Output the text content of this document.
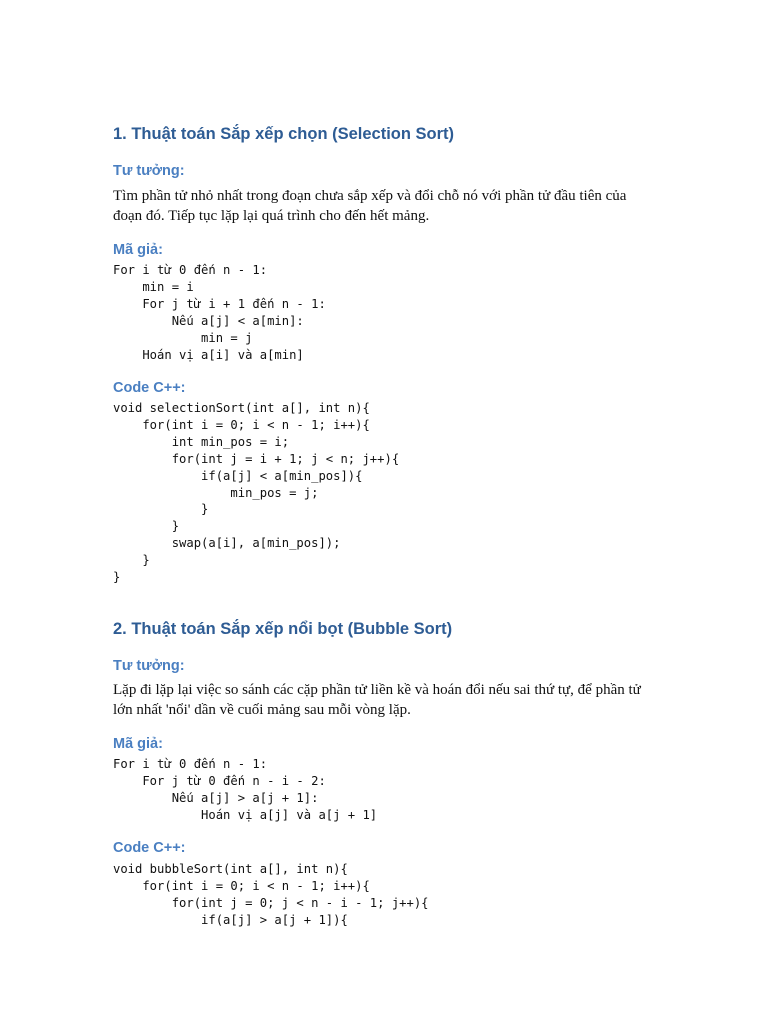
1. Thuật toán Sắp xếp chọn (Selection Sort)
Tư tưởng:

Tìm phần tử nhỏ nhất trong đoạn chưa sắp xếp và đổi chỗ nó với phần tử đầu tiên của đoạn đó. Tiếp tục lặp lại quá trình cho đến hết mảng.

Mã giả:
For i từ 0 đến n - 1:
min = i
For j từ i + 1 đến n - 1:
Nếu a[j] < a[min]:
min = j
Hoán vị a[i] và a[min]
Code C++:
void selectionSort(int a[], int n){
for(int i = 0; i < n - 1; i++){
int min_pos = i;
for(int j = i + 1; j < n; j++){
if(a[j] < a[min_pos]){
min_pos = j;
}
}
swap(a[i], a[min_pos]);
}
}
2. Thuật toán Sắp xếp nổi bọt (Bubble Sort)
Tư tưởng:

Lặp đi lặp lại việc so sánh các cặp phần tử liền kề và hoán đổi nếu sai thứ tự, để phần tử lớn nhất 'nổi' dần về cuối mảng sau mỗi vòng lặp.

Mã giả:
For i từ 0 đến n - 1:
For j từ 0 đến n - i - 2:
Nếu a[j] > a[j + 1]:
Hoán vị a[j] và a[j + 1]
Code C++:
void bubbleSort(int a[], int n){
for(int i = 0; i < n - 1; i++){
for(int j = 0; j < n - i - 1; j++){
if(a[j] > a[j + 1]){
